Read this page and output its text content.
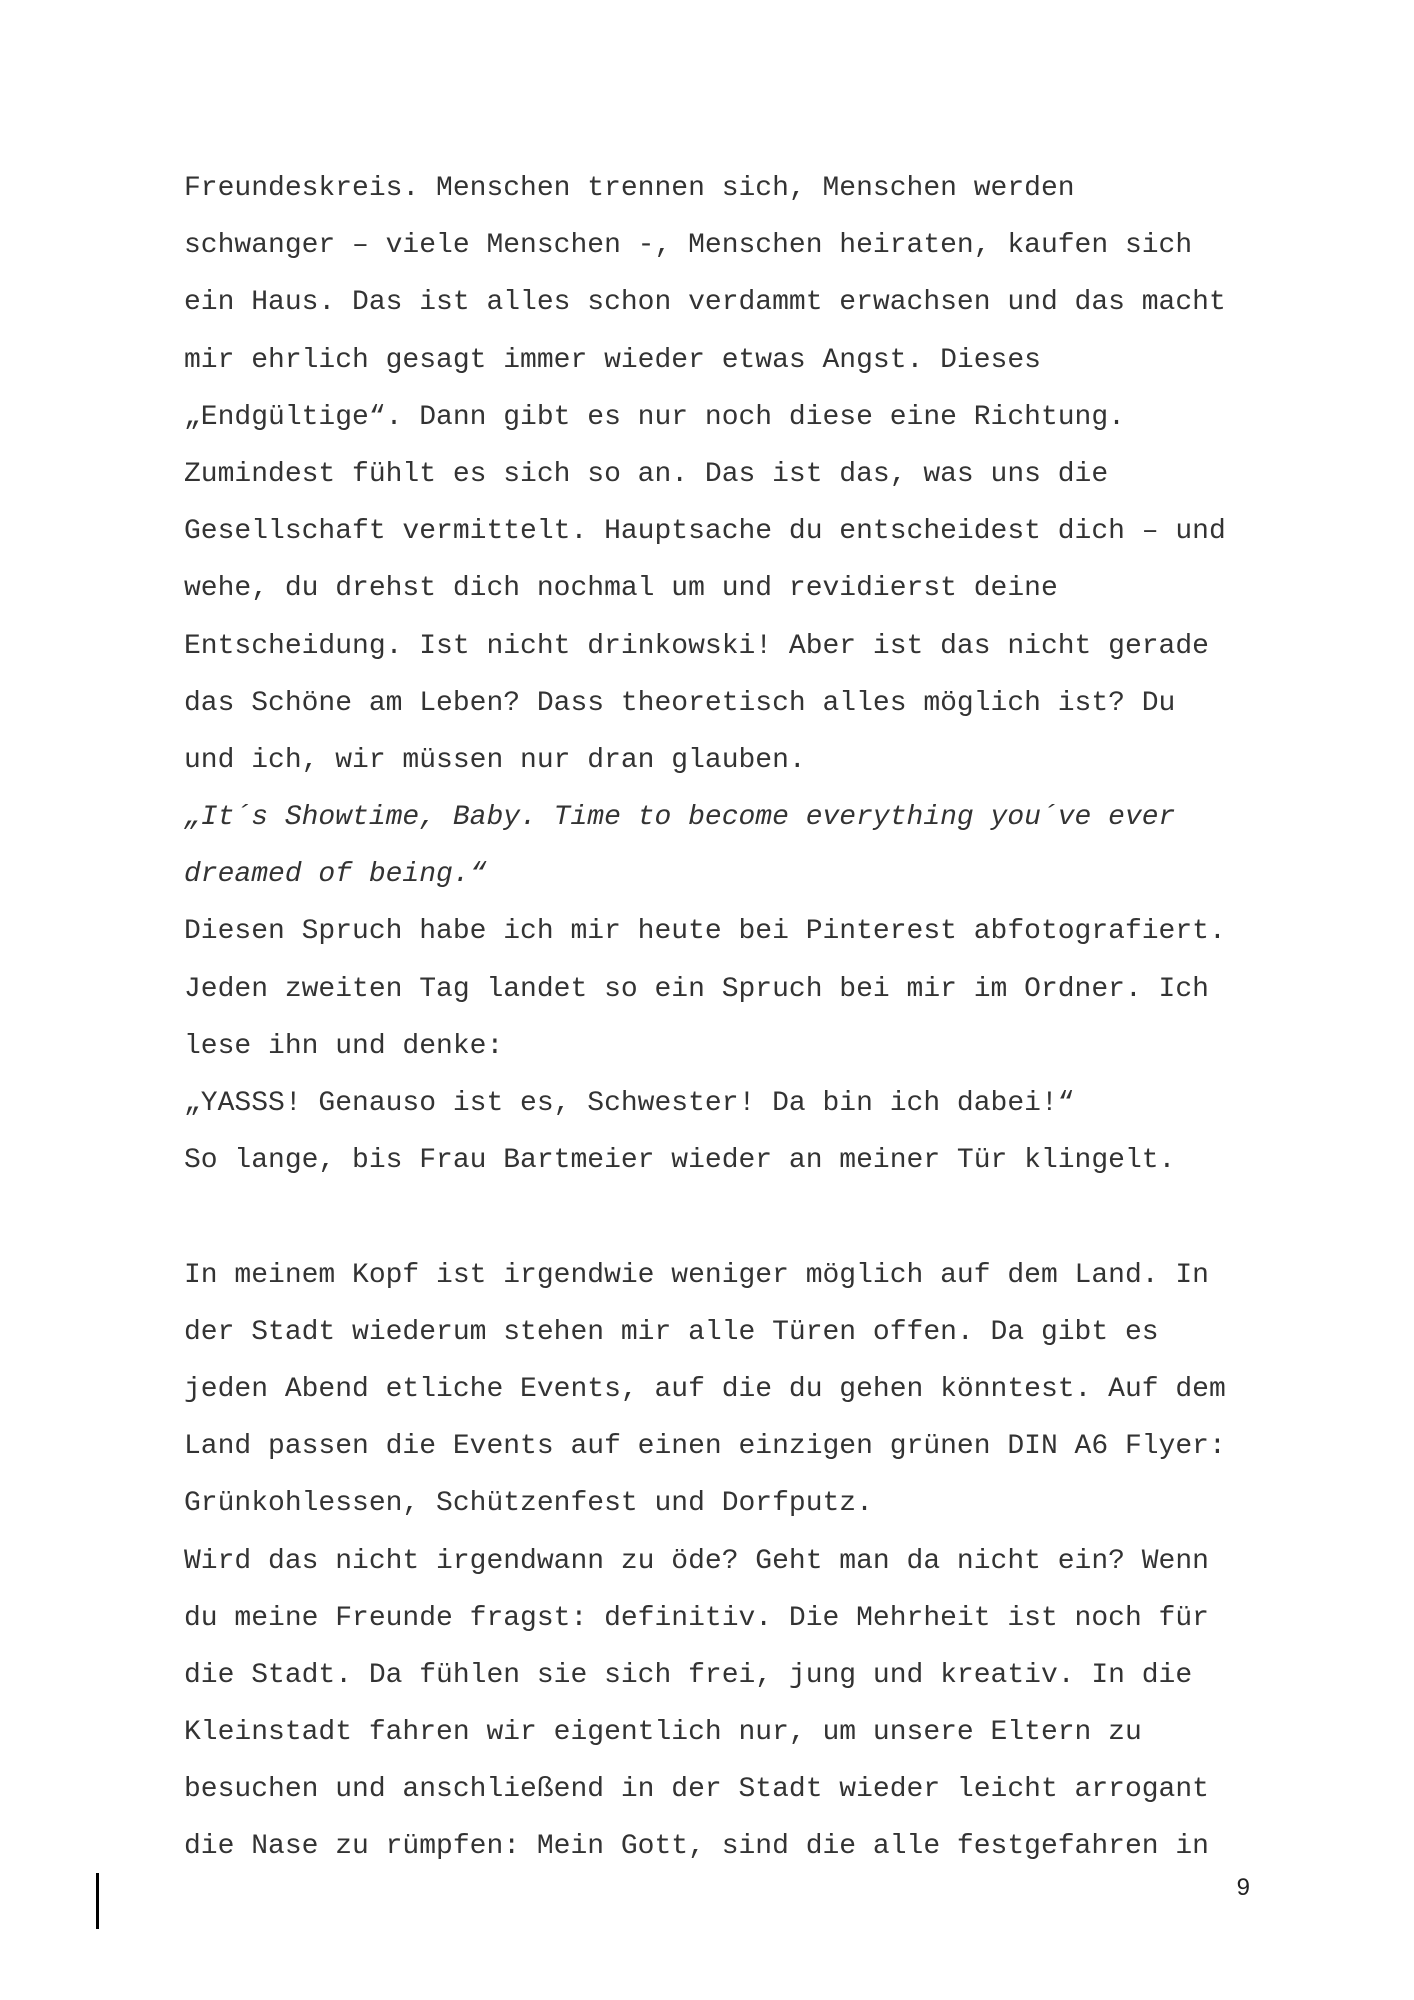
Freundeskreis. Menschen trennen sich, Menschen werden
schwanger – viele Menschen -, Menschen heiraten, kaufen sich
ein Haus. Das ist alles schon verdammt erwachsen und das macht
mir ehrlich gesagt immer wieder etwas Angst. Dieses
„Endgültige“. Dann gibt es nur noch diese eine Richtung.
Zumindest fühlt es sich so an. Das ist das, was uns die
Gesellschaft vermittelt. Hauptsache du entscheidest dich – und
wehe, du drehst dich nochmal um und revidierst deine
Entscheidung. Ist nicht drinkowski! Aber ist das nicht gerade
das Schöne am Leben? Dass theoretisch alles möglich ist? Du
und ich, wir müssen nur dran glauben.
„It´s Showtime, Baby. Time to become everything you´ve ever
dreamed of being.“
Diesen Spruch habe ich mir heute bei Pinterest abfotografiert.
Jeden zweiten Tag landet so ein Spruch bei mir im Ordner. Ich
lese ihn und denke:
„YASSS! Genauso ist es, Schwester! Da bin ich dabei!“
So lange, bis Frau Bartmeier wieder an meiner Tür klingelt.
In meinem Kopf ist irgendwie weniger möglich auf dem Land. In
der Stadt wiederum stehen mir alle Türen offen. Da gibt es
jeden Abend etliche Events, auf die du gehen könntest. Auf dem
Land passen die Events auf einen einzigen grünen DIN A6 Flyer:
Grünkohlessen, Schützenfest und Dorfputz.
Wird das nicht irgendwann zu öde? Geht man da nicht ein? Wenn
du meine Freunde fragst: definitiv. Die Mehrheit ist noch für
die Stadt. Da fühlen sie sich frei, jung und kreativ. In die
Kleinstadt fahren wir eigentlich nur, um unsere Eltern zu
besuchen und anschließend in der Stadt wieder leicht arrogant
die Nase zu rümpfen: Mein Gott, sind die alle festgefahren in
9
